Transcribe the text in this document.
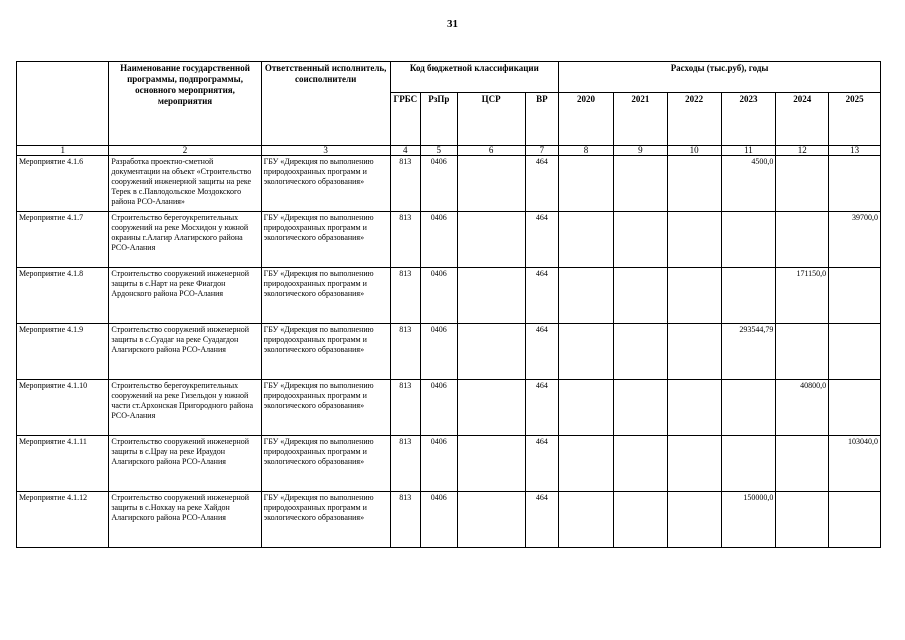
31
	Наименование государственной программы, подпрограммы, основного мероприятия, мероприятия	Ответственный исполнитель, соисполнители	Код бюджетной классификации				Расходы (тыс.руб), годы					
			ГРБС	РзПр	ЦСР	ВР	2020	2021	2022	2023	2024	2025
1	2	3	4	5	6	7	8	9	10	11	12	13
Мероприятие 4.1.6	Разработка проектно-сметной документации на объект «Строительство сооружений инженерной защиты на реке Терек в с.Павлодольское Моздокского района РСО-Алания»	ГБУ «Дирекция по выполнению природоохранных программ и экологического образования»	813	0406		464				4500,0		
Мероприятие 4.1.7	Строительство берегоукрепительных сооружений на реке Мосхидон у южной окраины г.Алагир Алагирского района РСО-Алания	ГБУ «Дирекция по выполнению природоохранных программ и экологического образования»	813	0406		464						39700,0
Мероприятие 4.1.8	Строительство сооружений инженерной защиты в с.Нарт на реке Фиагдон Ардонского района РСО-Алания	ГБУ «Дирекция по выполнению природоохранных программ и экологического образования»	813	0406		464					171150,0	
Мероприятие 4.1.9	Строительство сооружений инженерной защиты в с.Суадаг на реке Суадагдон Алагирского района РСО-Алания	ГБУ «Дирекция по выполнению природоохранных программ и экологического образования»	813	0406		464				293544,79		
Мероприятие 4.1.10	Строительство берегоукрепительных сооружений на реке Гизельдон у южной части ст.Архонская Пригородного района РСО-Алания	ГБУ «Дирекция по выполнению природоохранных программ и экологического образования»	813	0406		464					40800,0	
Мероприятие 4.1.11	Строительство сооружений инженерной защиты в с.Црау на реке Ираудон Алагирского района РСО-Алания	ГБУ «Дирекция по выполнению природоохранных программ и экологического образования»	813	0406		464						103040,0
Мероприятие 4.1.12	Строительство сооружений инженерной защиты в с.Нохкау на реке Хайдон Алагирского района РСО-Алания	ГБУ «Дирекция по выполнению природоохранных программ и экологического образования»	813	0406		464				150000,0		
